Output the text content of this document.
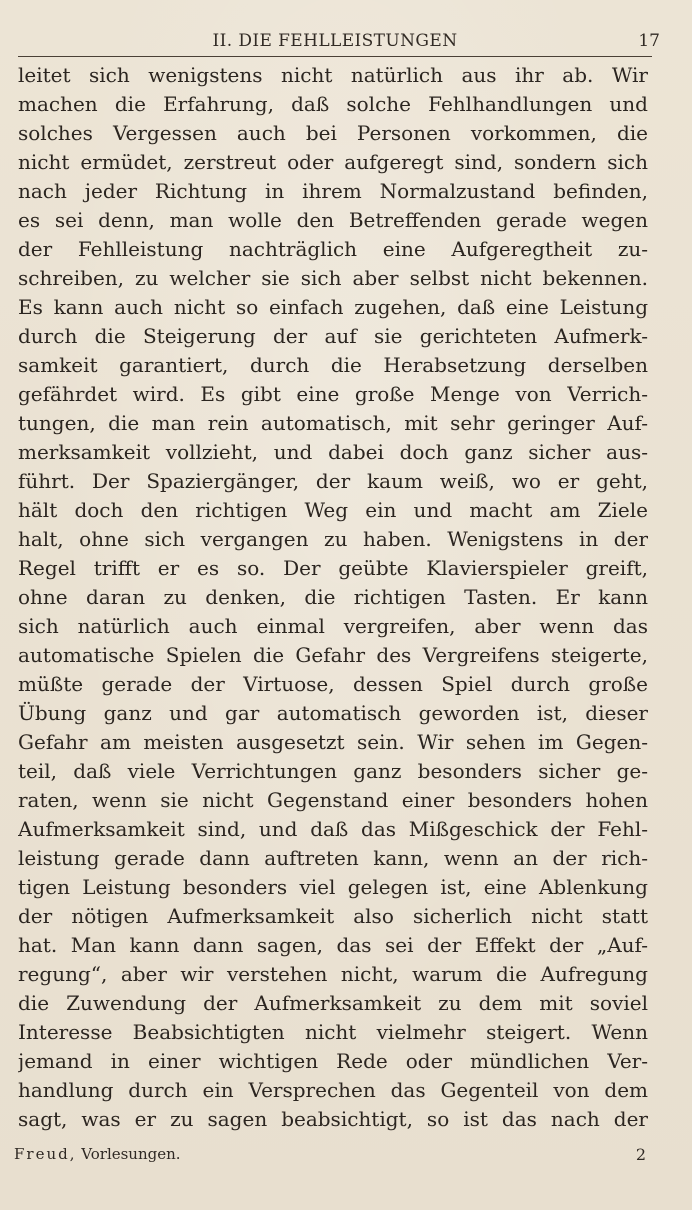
II. DIE FEHLLEISTUNGEN	17
leitet sich wenigstens nicht natürlich aus ihr ab. Wir
machen die Erfahrung, daß solche Fehlhandlungen und
solches Vergessen auch bei Personen vorkommen, die
nicht ermüdet, zerstreut oder aufgeregt sind, sondern sich
nach jeder Richtung in ihrem Normalzustand befinden,
es sei denn, man wolle den Betreffenden gerade wegen
der Fehlleistung nachträglich eine Aufgeregtheit zu-
schreiben, zu welcher sie sich aber selbst nicht bekennen.
Es kann auch nicht so einfach zugehen, daß eine Leistung
durch die Steigerung der auf sie gerichteten Aufmerk-
samkeit garantiert, durch die Herabsetzung derselben
gefährdet wird. Es gibt eine große Menge von Verrich-
tungen, die man rein automatisch, mit sehr geringer Auf-
merksamkeit vollzieht, und dabei doch ganz sicher aus-
führt. Der Spaziergänger, der kaum weiß, wo er geht,
hält doch den richtigen Weg ein und macht am Ziele
halt, ohne sich vergangen zu haben. Wenigstens in der
Regel trifft er es so. Der geübte Klavierspieler greift,
ohne daran zu denken, die richtigen Tasten. Er kann
sich natürlich auch einmal vergreifen, aber wenn das
automatische Spielen die Gefahr des Vergreifens steigerte,
müßte gerade der Virtuose, dessen Spiel durch große
Übung ganz und gar automatisch geworden ist, dieser
Gefahr am meisten ausgesetzt sein. Wir sehen im Gegen-
teil, daß viele Verrichtungen ganz besonders sicher ge-
raten, wenn sie nicht Gegenstand einer besonders hohen
Aufmerksamkeit sind, und daß das Mißgeschick der Fehl-
leistung gerade dann auftreten kann, wenn an der rich-
tigen Leistung besonders viel gelegen ist, eine Ablenkung
der nötigen Aufmerksamkeit also sicherlich nicht statt
hat. Man kann dann sagen, das sei der Effekt der „Auf-
regung“, aber wir verstehen nicht, warum die Aufregung
die Zuwendung der Aufmerksamkeit zu dem mit soviel
Interesse Beabsichtigten nicht vielmehr steigert. Wenn
jemand in einer wichtigen Rede oder mündlichen Ver-
handlung durch ein Versprechen das Gegenteil von dem
sagt, was er zu sagen beabsichtigt, so ist das nach der
Freud, Vorlesungen.	2
